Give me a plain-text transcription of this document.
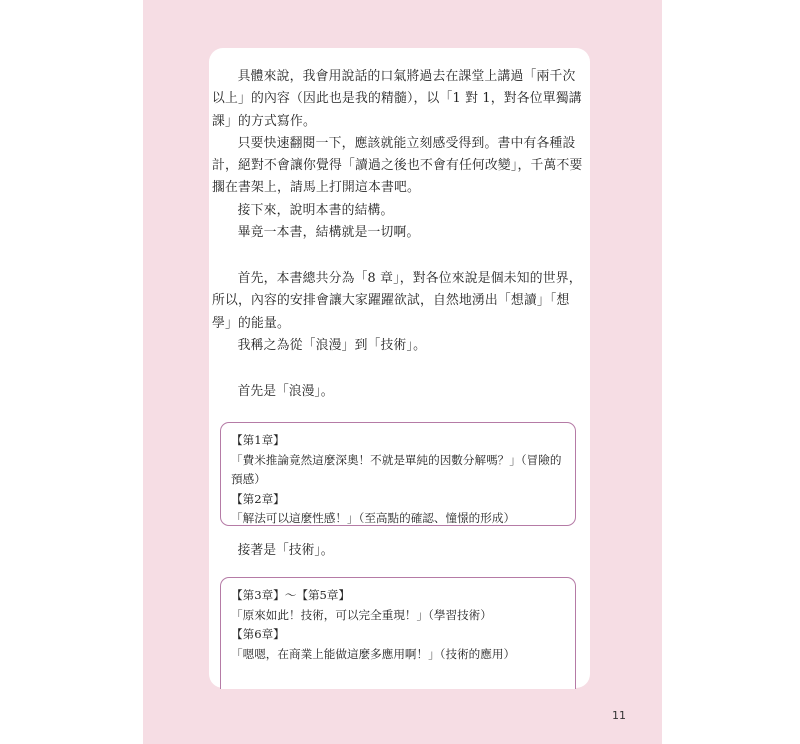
具體來說，我會用說話的口氣將過去在課堂上講過「兩千次以上」的內容（因此也是我的精髓），以「1 對 1，對各位單獨講課」的方式寫作。

只要快速翻閱一下，應該就能立刻感受得到。書中有各種設計，絕對不會讓你覺得「讀過之後也不會有任何改變」，千萬不要擱在書架上，請馬上打開這本書吧。

接下來，說明本書的結構。

畢竟一本書，結構就是一切啊。

首先，本書總共分為「8 章」，對各位來說是個未知的世界，所以，內容的安排會讓大家躍躍欲試，自然地湧出「想讀」「想學」的能量。

我稱之為從「浪漫」到「技術」。

首先是「浪漫」。
【第1章】
「費米推論竟然這麼深奧！不就是單純的因數分解嗎？」（冒險的預感）
【第2章】
「解法可以這麼性感！」（至高點的確認、憧憬的形成）
接著是「技術」。
【第3章】～【第5章】
「原來如此！技術，可以完全重現！」（學習技術）
【第6章】
「嗯嗯，在商業上能做這麼多應用啊！」（技術的應用）
11
